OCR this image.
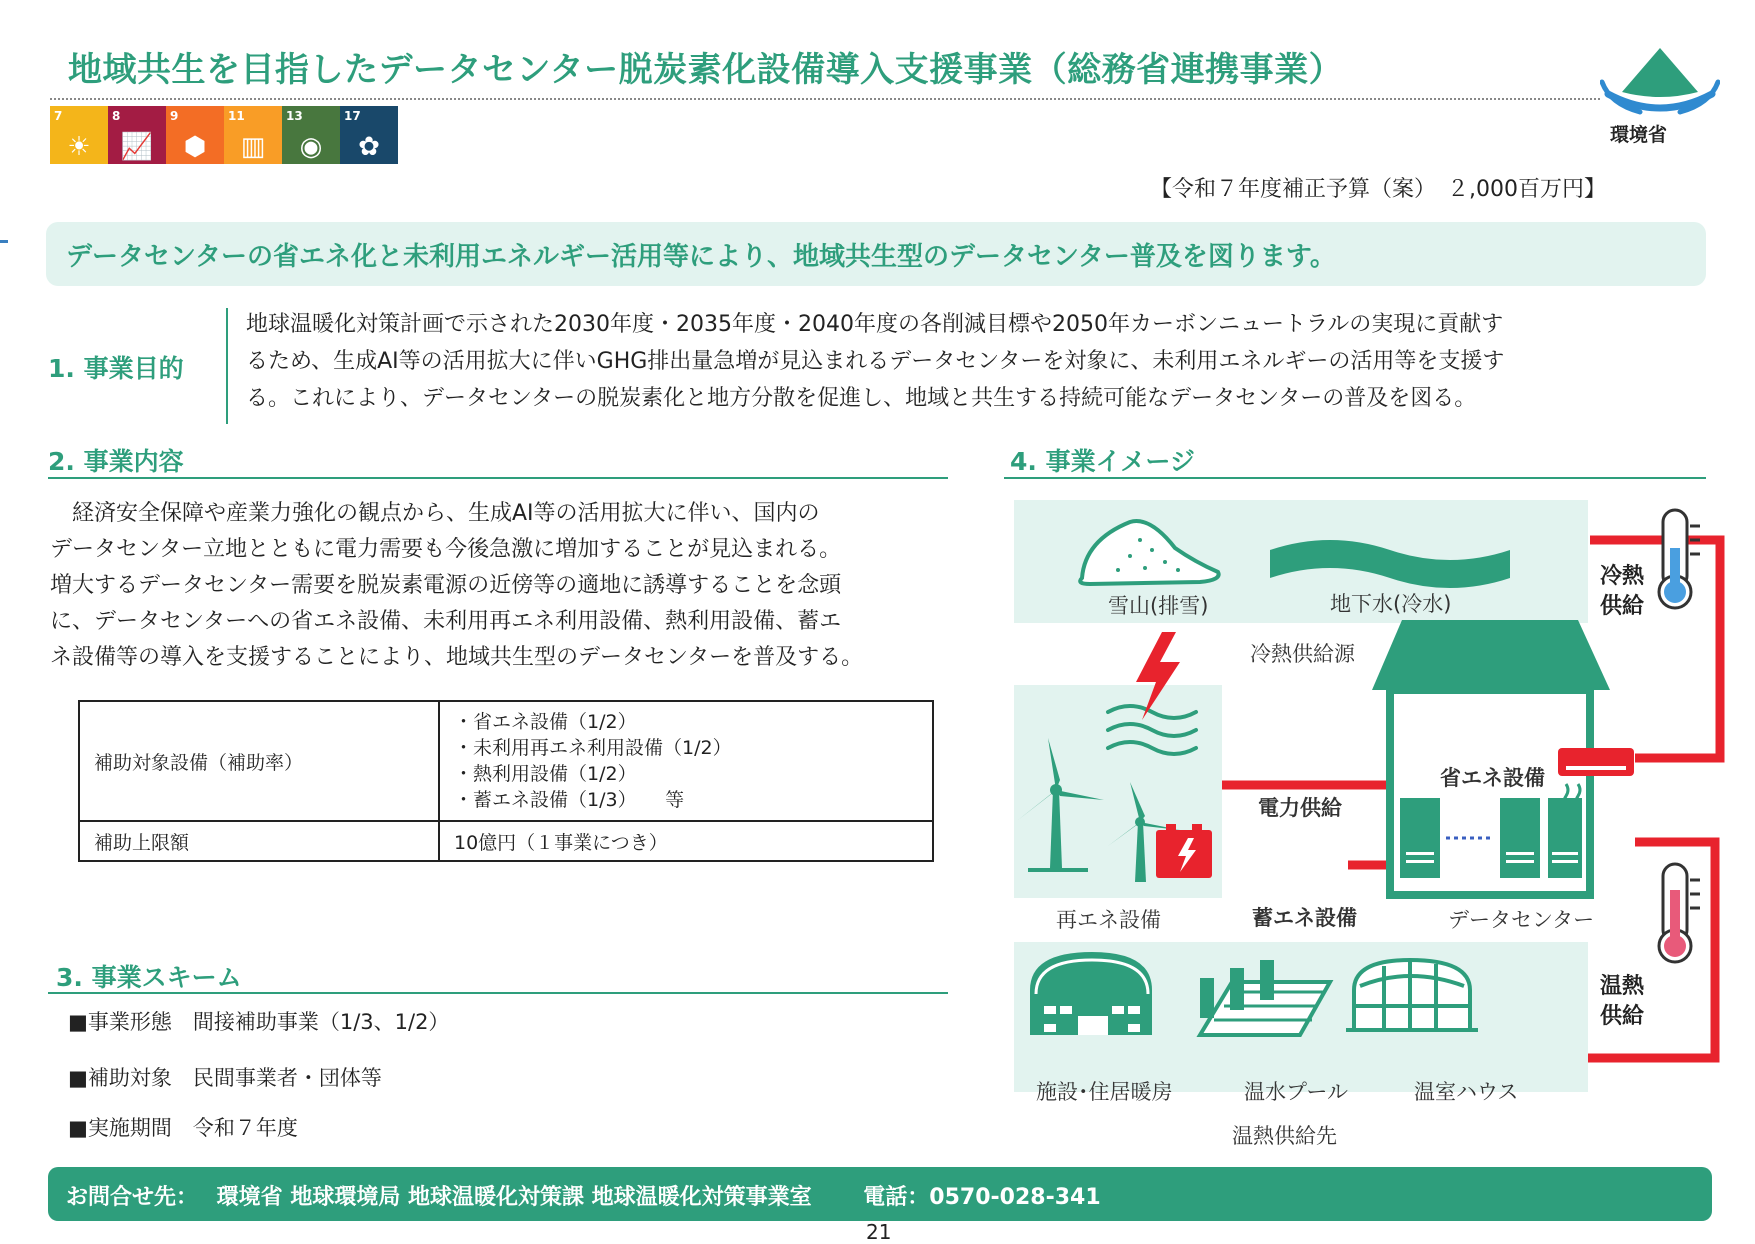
地域共生を目指したデータセンター脱炭素化設備導入支援事業（総務省連携事業）
7
☀
8
📈
9
⬢
11
▥
13
◉
17
✿	環境省
【令和７年度補正予算（案）　２,000百万円】
データセンターの省エネ化と未利用エネルギー活用等により、地域共生型のデータセンター普及を図ります。
1. 事業目的
地球温暖化対策計画で示された2030年度・2035年度・2040年度の各削減目標や2050年カーボンニュートラルの実現に貢献す
るため、生成AI等の活用拡大に伴いGHG排出量急増が見込まれるデータセンターを対象に、未利用エネルギーの活用等を支援す
る。これにより、データセンターの脱炭素化と地方分散を促進し、地域と共生する持続可能なデータセンターの普及を図る。
2. 事業内容
　経済安全保障や産業力強化の観点から、生成AI等の活用拡大に伴い、国内の
データセンター立地とともに電力需要も今後急激に増加することが見込まれる。
増大するデータセンター需要を脱炭素電源の近傍等の適地に誘導することを念頭
に、データセンターへの省エネ設備、未利用再エネ利用設備、熱利用設備、蓄エ
ネ設備等の導入を支援することにより、地域共生型のデータセンターを普及する。
補助対象設備（補助率）	・省エネ設備（1/2）
・未利用再エネ利用設備（1/2）
・熱利用設備（1/2）
・蓄エネ設備（1/3）　　等

補助上限額	10億円（１事業につき）
3. 事業スキーム
■事業形態　間接補助事業（1/3、1/2）
■補助対象　民間事業者・団体等
■実施期間　令和７年度
4. 事業イメージ
雪山(排雪)	地下水(冷水)
冷熱供給源
冷熱
供給
電力供給
省エネ設備
再エネ設備	蓄エネ設備	データセンター
温熱
供給
施設･住居暖房	温水プール	温室ハウス
温熱供給先
お問合せ先：　 環境省 地球環境局 地球温暖化対策課 地球温暖化対策事業室　　 電話：0570-028-341
21
